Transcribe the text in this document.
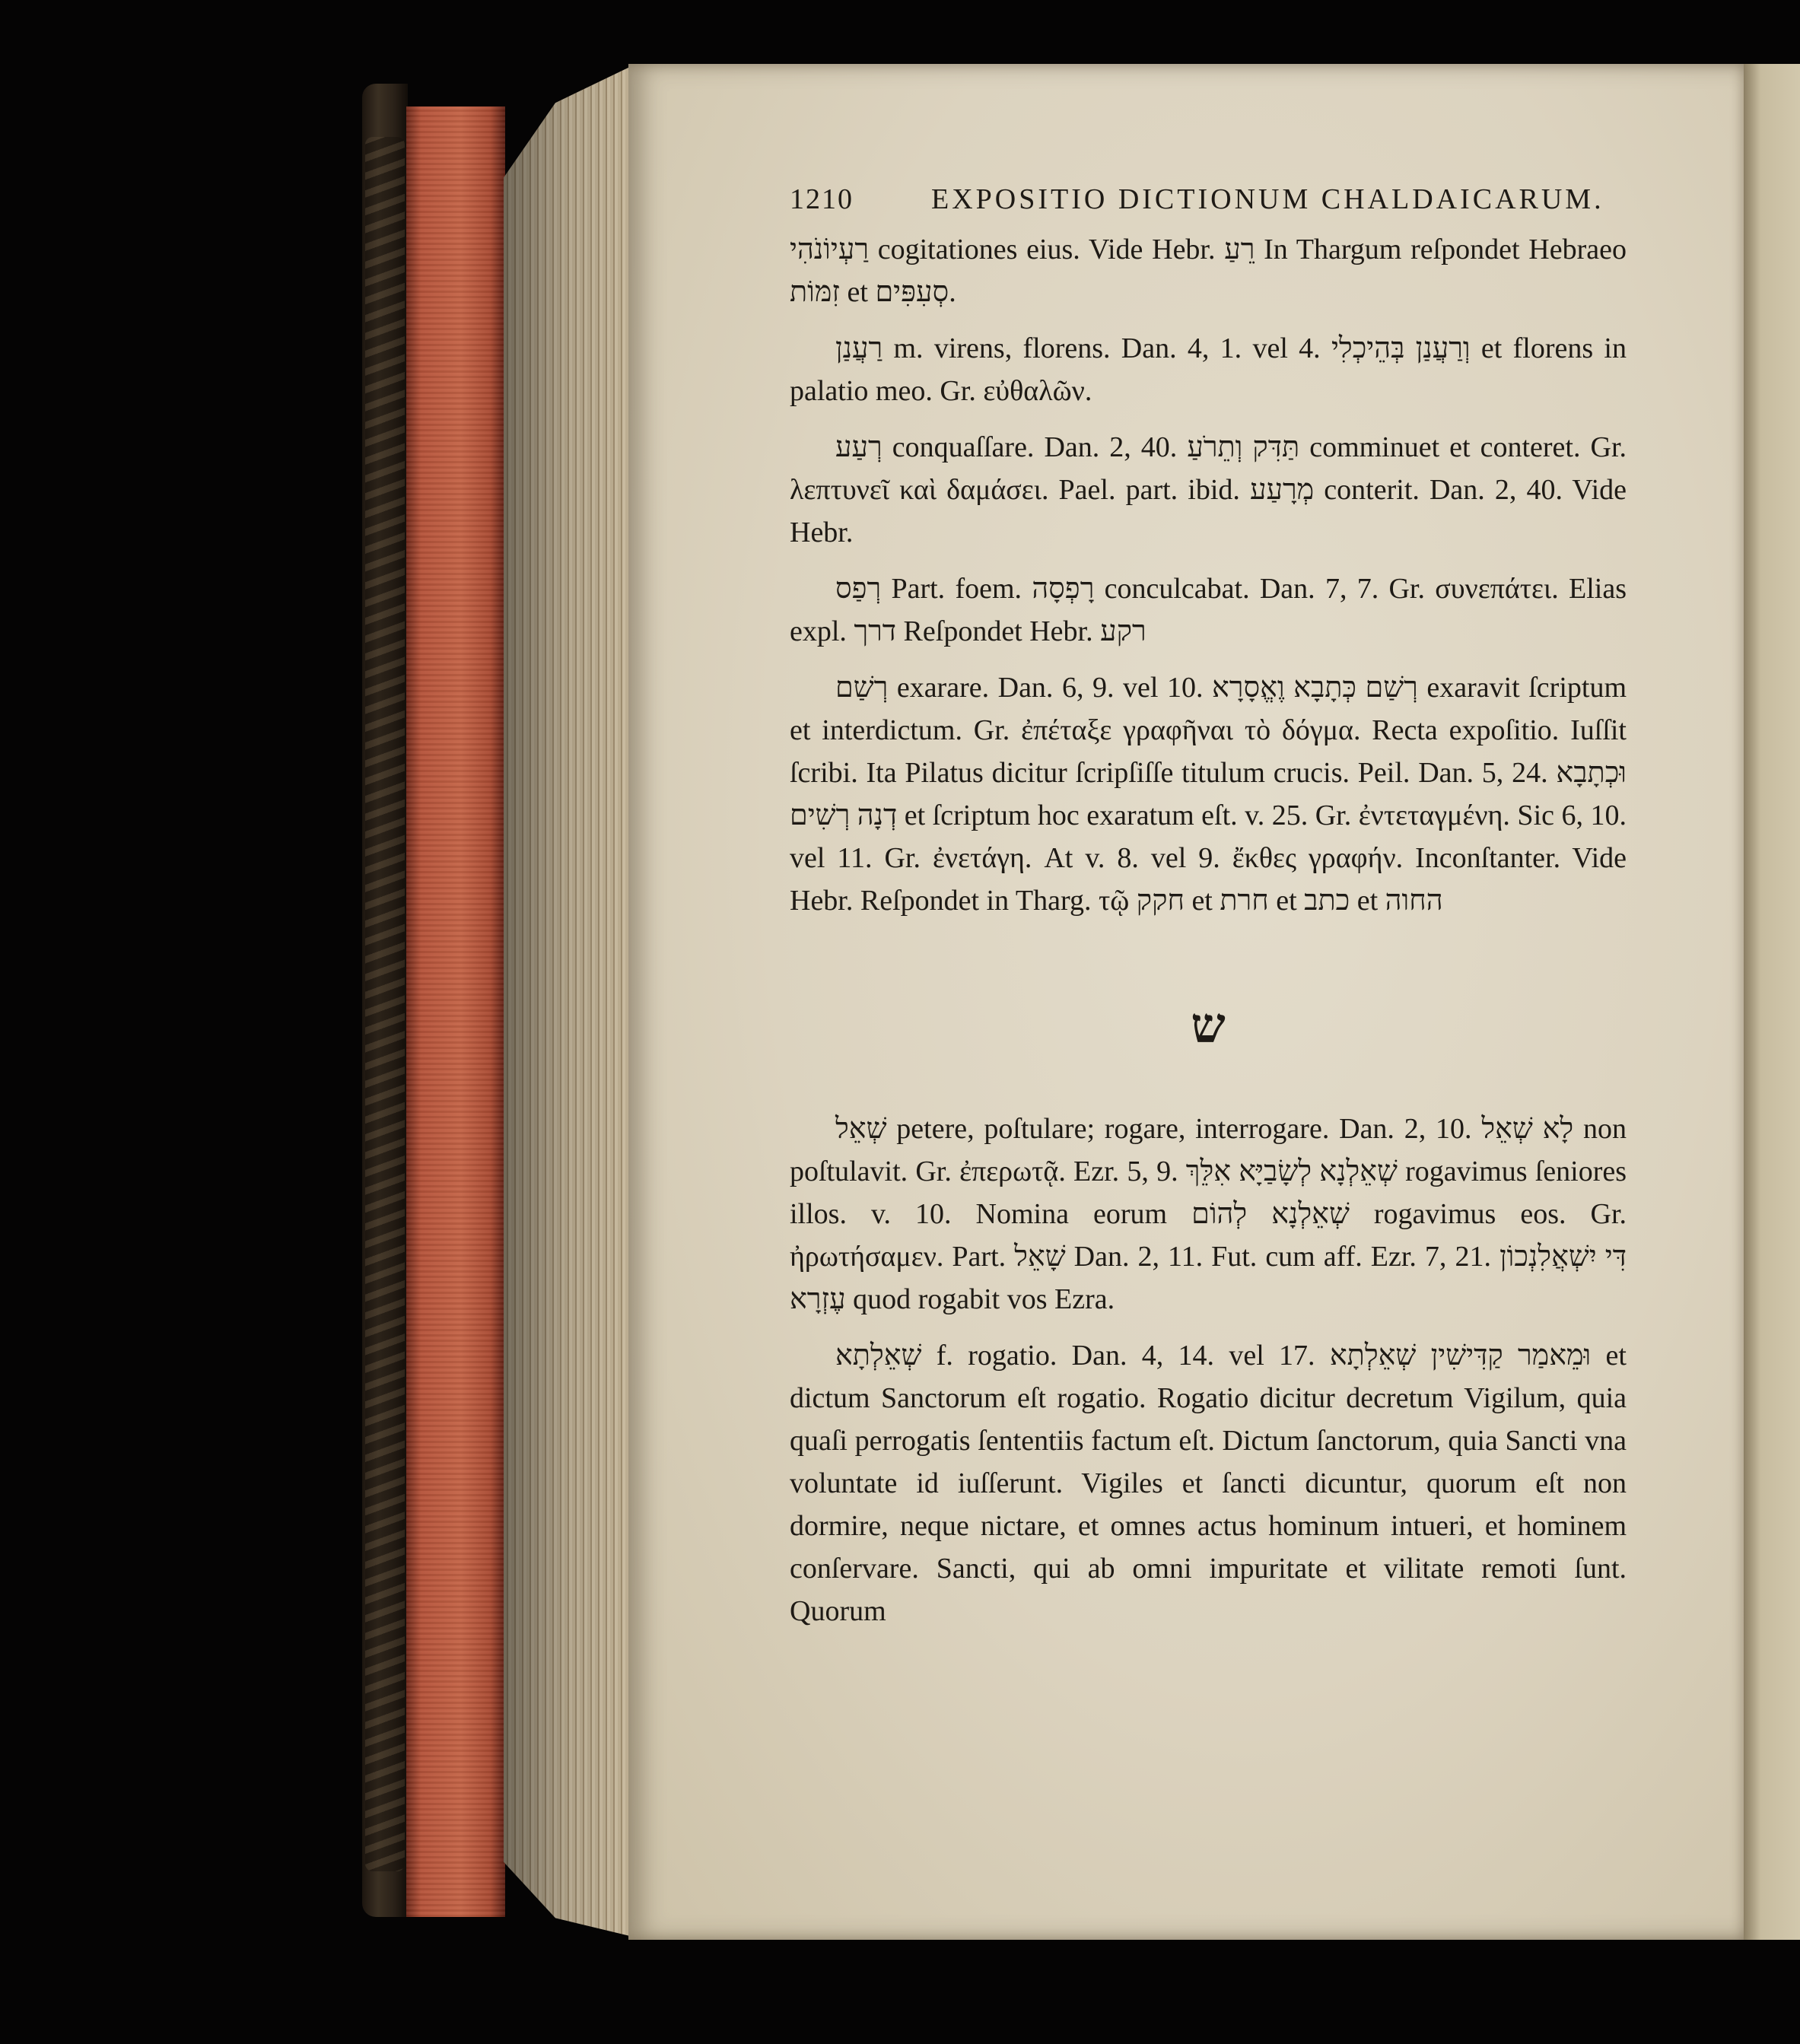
1210	EXPOSITIO DICTIONUM CHALDAICARUM.

רַעְיוֹנֹהִי cogitationes eius. Vide Hebr. רֵעַ In Thargum reſpondet Hebraeo זִמּוֹת et סְעִפִּים.

רַעֲנַן m. virens, florens. Dan. 4, 1. vel 4. וְרַעֲנַן בְּהֵיכְלִי et florens in palatio meo. Gr. εὐθαλῶν.

רְעַע conquaſſare. Dan. 2, 40. תַּדִּק וְתֵרֹעַ comminuet et conteret. Gr. λεπτυνεῖ καὶ δαμάσει. Pael. part. ibid. מְרָעַע conterit. Dan. 2, 40. Vide Hebr.

רְפַס Part. foem. רָפְסָה conculcabat. Dan. 7, 7. Gr. συνεπάτει. Elias expl. דרך Reſpondet Hebr. רקע

רְשַׁם exarare. Dan. 6, 9. vel 10. רְשַׁם כְּתָבָא וֶאֱסָרָא exaravit ſcriptum et interdictum. Gr. ἐπέταξε γραφῆναι τὸ δόγμα. Recta expoſitio. Iuſſit ſcribi. Ita Pilatus dicitur ſcripſiſſe titulum crucis. Peil. Dan. 5, 24. וּכְתָבָא דְנָה רְשִׁים et ſcriptum hoc exaratum eſt. v. 25. Gr. ἐντεταγμένη. Sic 6, 10. vel 11. Gr. ἐνετάγη. At v. 8. vel 9. ἔκθες γραφήν. Inconſtanter. Vide Hebr. Reſpondet in Tharg. τῷ חקק et חרת et כתב et החוה

ש

שְׁאֵל petere, poſtulare; rogare, interrogare. Dan. 2, 10. לָא שְׁאֵל non poſtulavit. Gr. ἐπερωτᾷ. Ezr. 5, 9. שְׁאֵלְנָא לְשָׂבַיָּא אִלֵּךְ rogavimus ſeniores illos. v. 10. Nomina eorum שְׁאֵלְנָא לְהוֹם rogavimus eos. Gr. ἠρωτήσαμεν. Part. שָׁאֵל Dan. 2, 11. Fut. cum aff. Ezr. 7, 21. דִּי יִשְׁאֲלִנְכוֹן עֶזְרָא quod rogabit vos Ezra.

שְׁאֵלְתָא f. rogatio. Dan. 4, 14. vel 17. וּמֵאמַר קַדִּישִׁין שְׁאֵלְתָא et dictum Sanctorum eſt rogatio. Rogatio dicitur decretum Vigilum, quia quaſi perrogatis ſententiis factum eſt. Dictum ſanctorum, quia Sancti vna voluntate id iuſſerunt. Vigiles et ſancti dicuntur, quorum eſt non dormire, neque nictare, et omnes actus hominum intueri, et hominem conſervare. Sancti, qui ab omni impuritate et vilitate remoti ſunt. Quorum
